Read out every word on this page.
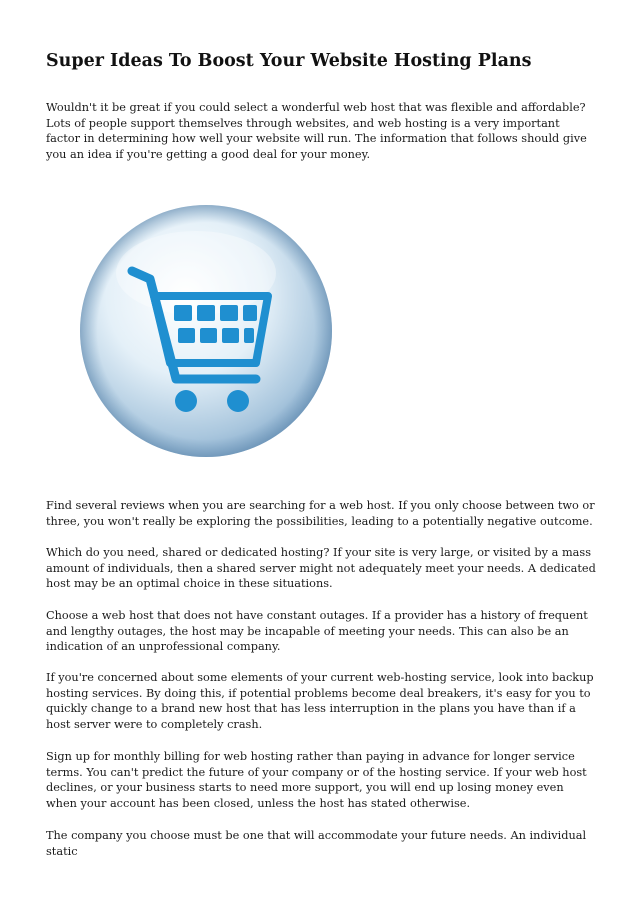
Super Ideas To Boost Your Website Hosting Plans

Wouldn't it be great if you could select a wonderful web host that was flexible and affordable? Lots of people support themselves through websites, and web hosting is a very important factor in determining how well your website will run. The information that follows should give you an idea if you're getting a good deal for your money.

Find several reviews when you are searching for a web host. If you only choose between two or three, you won't really be exploring the possibilities, leading to a potentially negative outcome.

Which do you need, shared or dedicated hosting? If your site is very large, or visited by a mass amount of individuals, then a shared server might not adequately meet your needs. A dedicated host may be an optimal choice in these situations.

Choose a web host that does not have constant outages. If a provider has a history of frequent and lengthy outages, the host may be incapable of meeting your needs. This can also be an indication of an unprofessional company.

If you're concerned about some elements of your current web-hosting service, look into backup hosting services. By doing this, if potential problems become deal breakers, it's easy for you to quickly change to a brand new host that has less interruption in the plans you have than if a host server were to completely crash.

Sign up for monthly billing for web hosting rather than paying in advance for longer service terms. You can't predict the future of your company or of the hosting service. If your web host declines, or your business starts to need more support, you will end up losing money even when your account has been closed, unless the host has stated otherwise.

The company you choose must be one that will accommodate your future needs. An individual static
